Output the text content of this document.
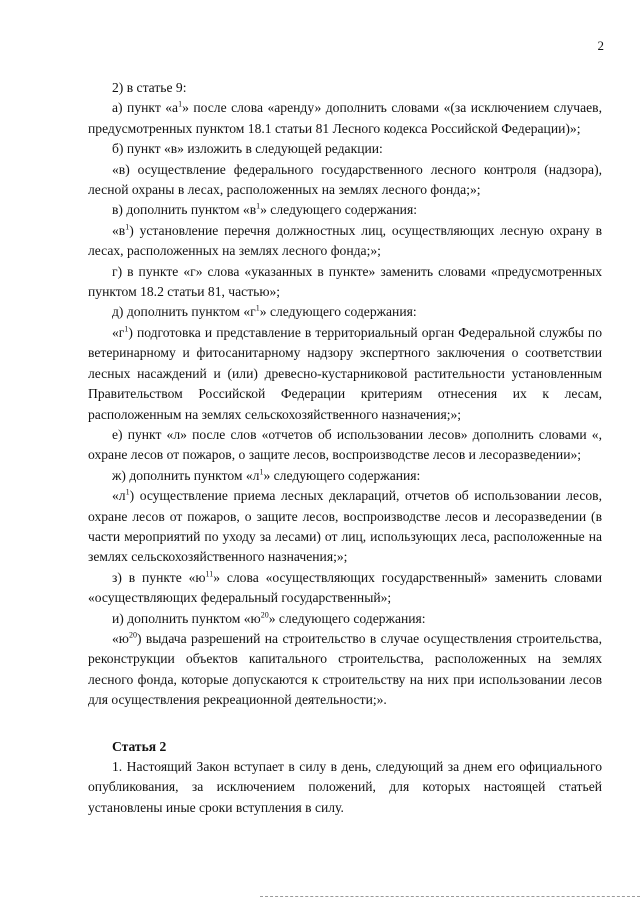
2

2) в статье 9:

а) пункт «$а^1$» после слова «аренду» дополнить словами «(за исключением случаев, предусмотренных пунктом 18.1 статьи 81 Лесного кодекса Российской Федерации)»;

б) пункт «в» изложить в следующей редакции:

«в) осуществление федерального государственного лесного контроля (надзора), лесной охраны в лесах, расположенных на землях лесного фонда;»;

в) дополнить пунктом «$в^1$» следующего содержания:

«$в^1$) установление перечня должностных лиц, осуществляющих лесную охрану в лесах, расположенных на землях лесного фонда;»;

г) в пункте «г» слова «указанных в пункте» заменить словами «предусмотренных пунктом 18.2 статьи 81, частью»;

д) дополнить пунктом «$г^1$» следующего содержания:

«$г^1$) подготовка и представление в территориальный орган Федеральной службы по ветеринарному и фитосанитарному надзору экспертного заключения о соответствии лесных насаждений и (или) древесно-кустарниковой растительности установленным Правительством Российской Федерации критериям отнесения их к лесам, расположенным на землях сельскохозяйственного назначения;»;

е) пункт «л» после слов «отчетов об использовании лесов» дополнить словами «, охране лесов от пожаров, о защите лесов, воспроизводстве лесов и лесоразведении»;

ж) дополнить пунктом «$л^1$» следующего содержания:

«$л^1$) осуществление приема лесных деклараций, отчетов об использовании лесов, охране лесов от пожаров, о защите лесов, воспроизводстве лесов и лесоразведении (в части мероприятий по уходу за лесами) от лиц, использующих леса, расположенные на землях сельскохозяйственного назначения;»;

з) в пункте «$ю^{11}$» слова «осуществляющих государственный» заменить словами «осуществляющих федеральный государственный»;

и) дополнить пунктом «$ю^{20}$» следующего содержания:

«$ю^{20}$) выдача разрешений на строительство в случае осуществления строительства, реконструкции объектов капитального строительства, расположенных на землях лесного фонда, которые допускаются к строительству на них при использовании лесов для осуществления рекреационной деятельности;».

Статья 2

1. Настоящий Закон вступает в силу в день, следующий за днем его официального опубликования, за исключением положений, для которых настоящей статьей установлены иные сроки вступления в силу.
